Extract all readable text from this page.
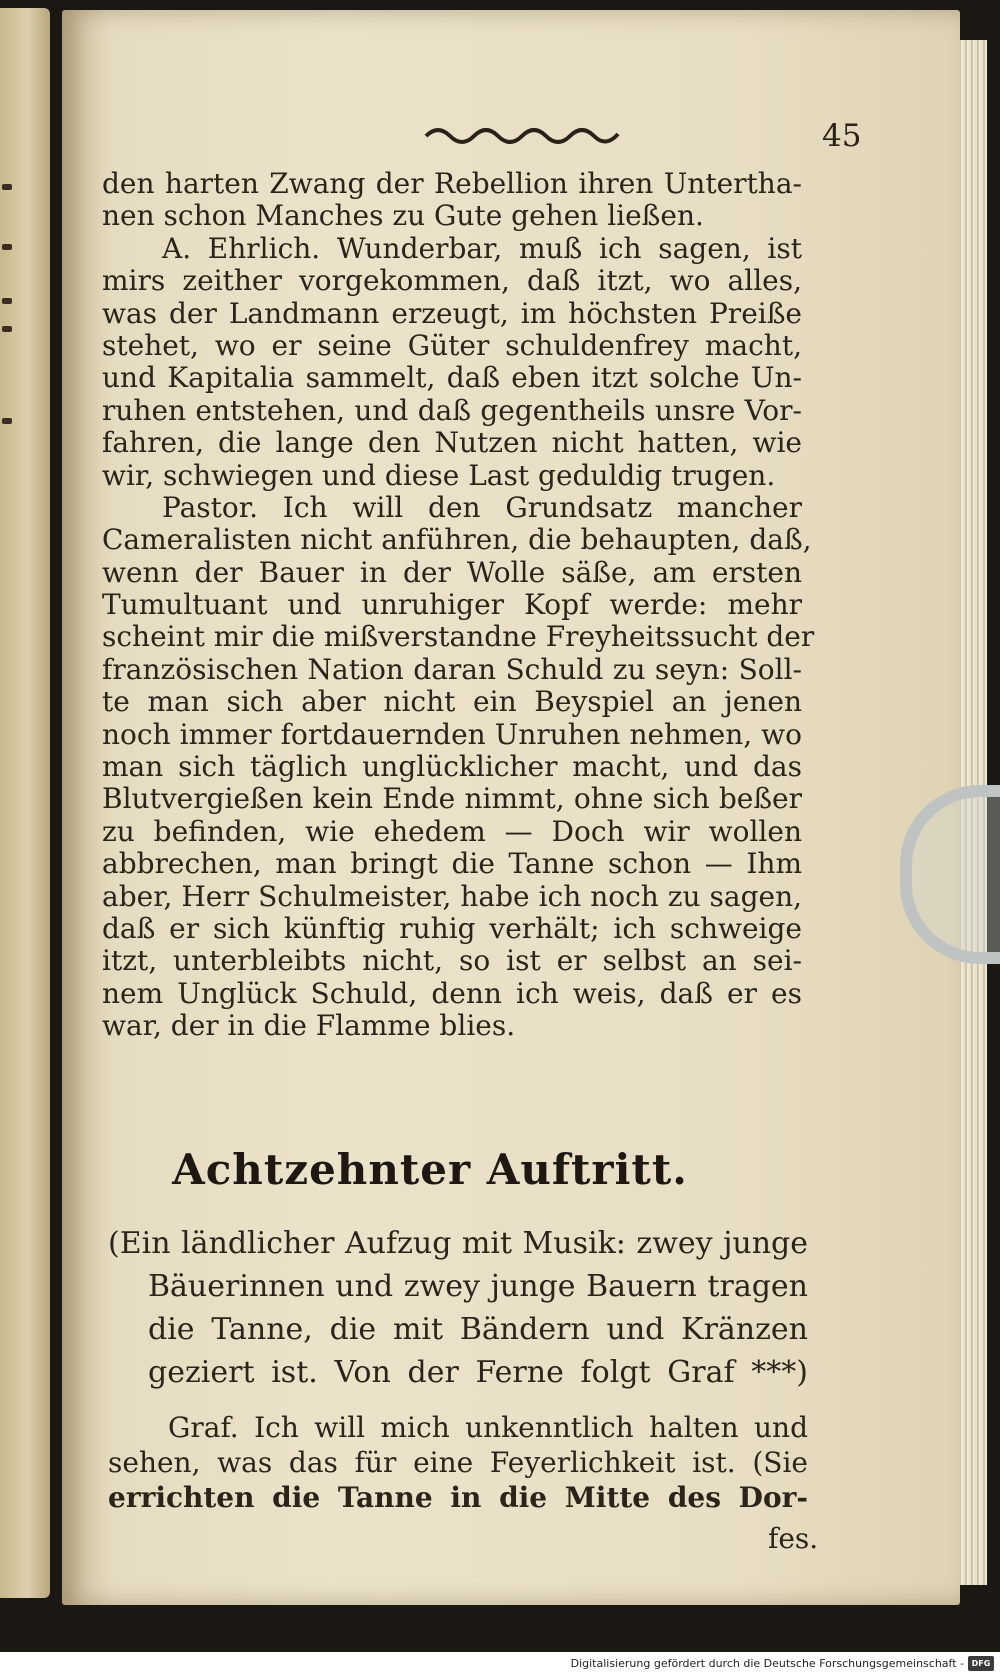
45
den harten Zwang der Rebellion ihren Untertha-
nen schon Manches zu Gute gehen ließen.
A. Ehrlich. Wunderbar, muß ich sagen, ist
mirs zeither vorgekommen, daß itzt, wo alles,
was der Landmann erzeugt, im höchsten Preiße
stehet, wo er seine Güter schuldenfrey macht,
und Kapitalia sammelt, daß eben itzt solche Un-
ruhen entstehen, und daß gegentheils unsre Vor-
fahren, die lange den Nutzen nicht hatten, wie
wir, schwiegen und diese Last geduldig trugen.
Pastor. Ich will den Grundsatz mancher
Cameralisten nicht anführen, die behaupten, daß,
wenn der Bauer in der Wolle säße, am ersten
Tumultuant und unruhiger Kopf werde: mehr
scheint mir die mißverstandne Freyheitssucht der
französischen Nation daran Schuld zu seyn: Soll-
te man sich aber nicht ein Beyspiel an jenen
noch immer fortdauernden Unruhen nehmen, wo
man sich täglich unglücklicher macht, und das
Blutvergießen kein Ende nimmt, ohne sich beßer
zu befinden, wie ehedem — Doch wir wollen
abbrechen, man bringt die Tanne schon — Ihm
aber, Herr Schulmeister, habe ich noch zu sagen,
daß er sich künftig ruhig verhält; ich schweige
itzt, unterbleibts nicht, so ist er selbst an sei-
nem Unglück Schuld, denn ich weis, daß er es
war, der in die Flamme blies.
Achtzehnter Auftritt.
(Ein ländlicher Aufzug mit Musik: zwey junge
Bäuerinnen und zwey junge Bauern tragen
die Tanne, die mit Bändern und Kränzen
geziert ist. Von der Ferne folgt Graf ***)
Graf. Ich will mich unkenntlich halten und
sehen, was das für eine Feyerlichkeit ist. (Sie
errichten die Tanne in die Mitte des Dor-
fes.
Digitalisierung gefördert durch die Deutsche Forschungsgemeinschaft - DFG
